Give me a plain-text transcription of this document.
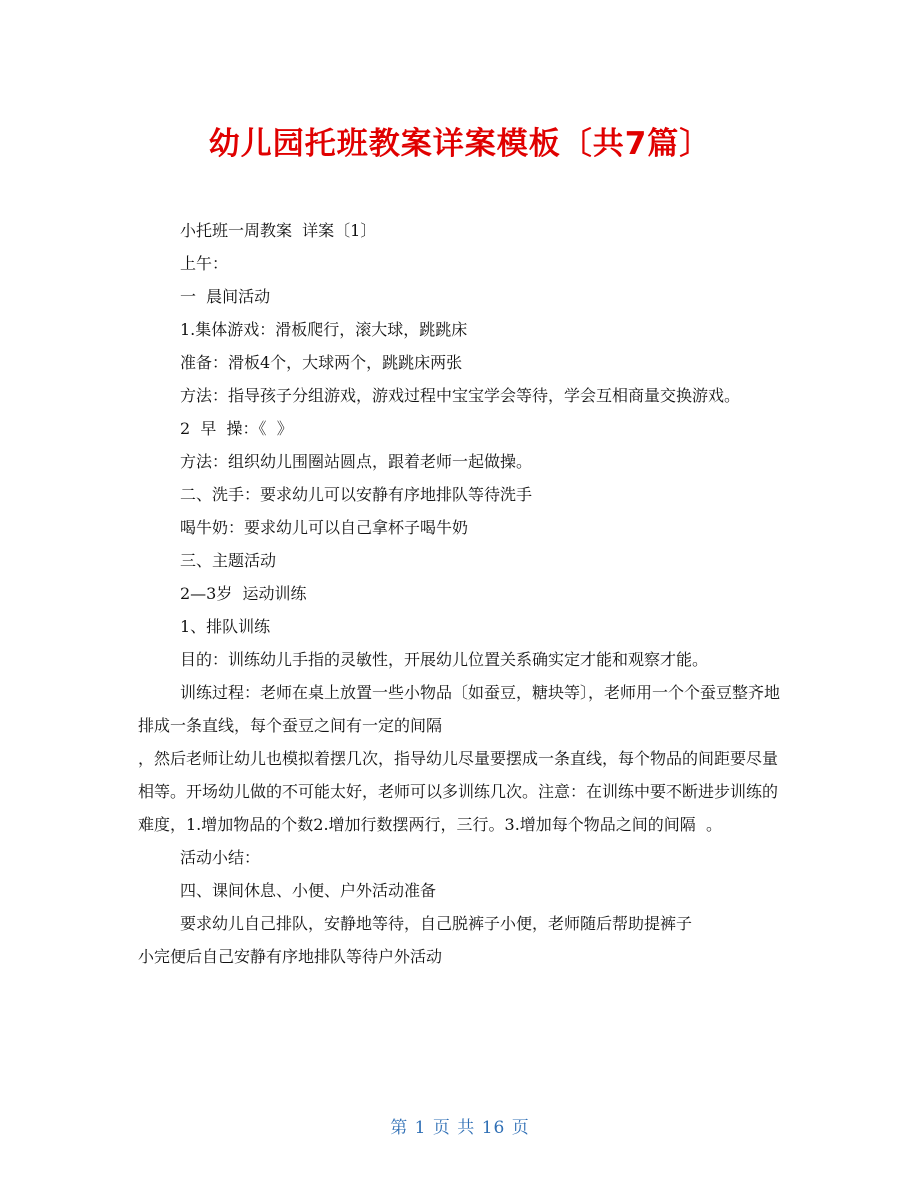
幼儿园托班教案详案模板〔共7篇〕

小托班一周教案  详案〔1〕

上午：

一  晨间活动

1.集体游戏：滑板爬行，滚大球，跳跳床

准备：滑板4个，大球两个，跳跳床两张

方法：指导孩子分组游戏，游戏过程中宝宝学会等待，学会互相商量交换游戏。

2  早  操：《  》

方法：组织幼儿围圈站圆点，跟着老师一起做操。

二、洗手：要求幼儿可以安静有序地排队等待洗手

喝牛奶：要求幼儿可以自己拿杯子喝牛奶

三、主题活动

2—3岁  运动训练

1、排队训练

目的：训练幼儿手指的灵敏性，开展幼儿位置关系确实定才能和观察才能。

训练过程：老师在桌上放置一些小物品〔如蚕豆，糖块等〕，老师用一个个蚕豆整齐地排成一条直线，每个蚕豆之间有一定的间隔

，然后老师让幼儿也模拟着摆几次，指导幼儿尽量要摆成一条直线，每个物品的间距要尽量相等。开场幼儿做的不可能太好，老师可以多训练几次。注意：在训练中要不断进步训练的难度，1.增加物品的个数2.增加行数摆两行，三行。3.增加每个物品之间的间隔  。

活动小结：

四、课间休息、小便、户外活动准备

要求幼儿自己排队，安静地等待，自己脱裤子小便，老师随后帮助提裤子

小完便后自己安静有序地排队等待户外活动

第 1 页 共 16 页
